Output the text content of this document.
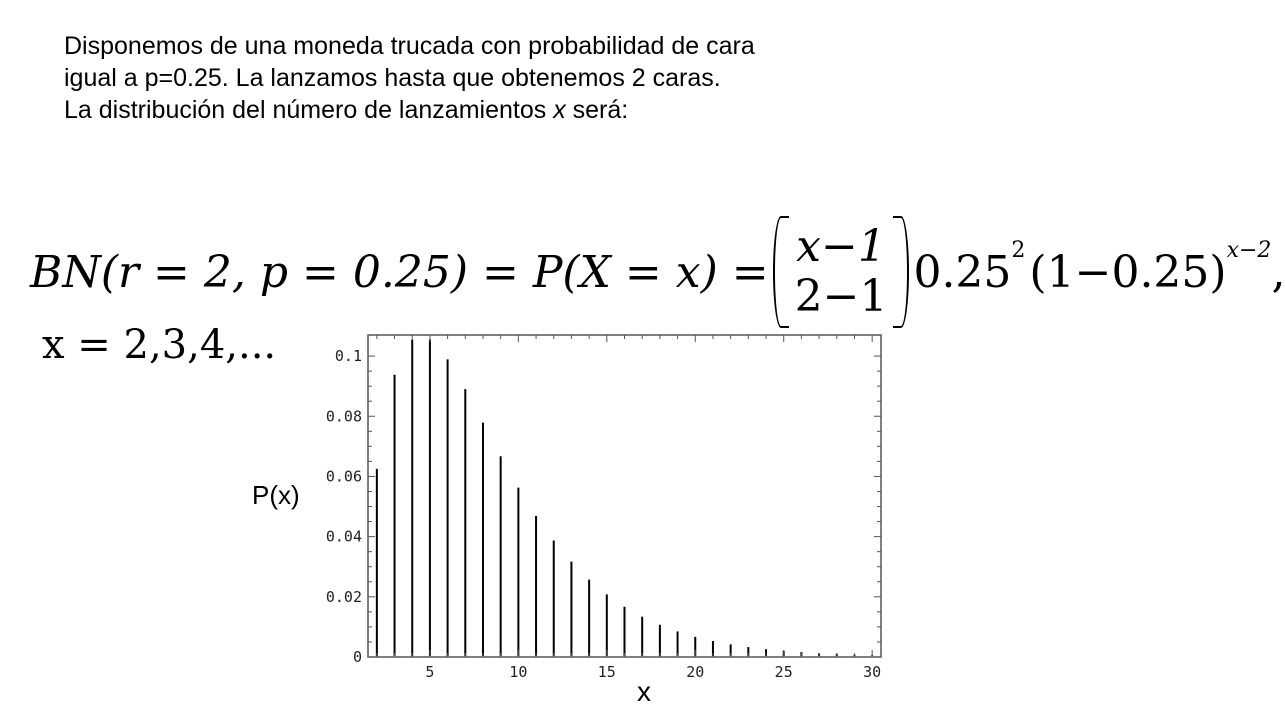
Disponemos de una moneda trucada con probabilidad de cara
igual a p=0.25. La lanzamos hasta que obtenemos 2 caras.
La distribución del número de lanzamientos x será:
BN(r = 2, p = 0.25) = P(X = x) = x−1
2−1 0.25 2 (1−0.25) x−2 ,
x = 2,3,4,...
5	10	15	20	25	30
0
0.02
0.04
0.06
0.08
0.1
P(x)
x
